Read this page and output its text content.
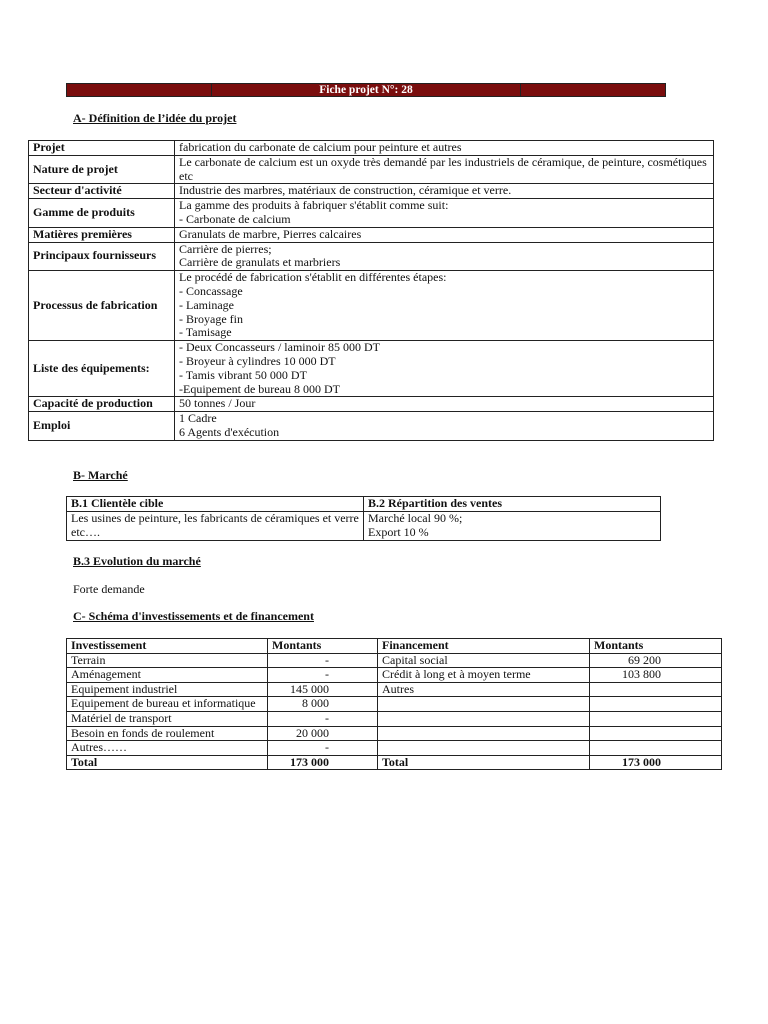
	Fiche projet N°: 28	
A- Définition de l’idée du projet
Projet	fabrication du carbonate de calcium pour peinture et autres

Nature de projet	Le carbonate de calcium est un oxyde très demandé par les industriels de céramique, de peinture, cosmétiques etc

Secteur d'activité	Industrie des marbres, matériaux de construction, céramique et verre.

Gamme de produits	La gamme des produits à fabriquer s'établit comme suit:
- Carbonate de calcium

Matières premières	Granulats de marbre, Pierres calcaires

Principaux fournisseurs	Carrière de pierres;
Carrière de granulats et marbriers

Processus de fabrication	Le procédé de fabrication s'établit en différentes étapes:
- Concassage
- Laminage
- Broyage fin
- Tamisage

Liste des équipements:	- Deux Concasseurs / laminoir 85 000 DT
- Broyeur à cylindres 10 000 DT
- Tamis vibrant 50 000 DT
-Equipement de bureau 8 000 DT

Capacité de production	50 tonnes / Jour

Emploi	1 Cadre
6 Agents d'exécution
B- Marché
B.1 Clientèle cible	B.2 Répartition des ventes
Les usines de peinture, les fabricants de céramiques et verre etc….	Marché local 90 %;
Export 10 %
B.3 Evolution du marché
Forte demande
C- Schéma d'investissements et de financement
Investissement	Montants	Financement	Montants
Terrain	-	Capital social	69 200
Aménagement	-	Crédit à long et à moyen terme	103 800
Equipement industriel	145 000	Autres	
Equipement de bureau et informatique	8 000		
Matériel de transport	-		
Besoin en fonds de roulement	20 000		
Autres……	-		
Total	173 000	Total	173 000
